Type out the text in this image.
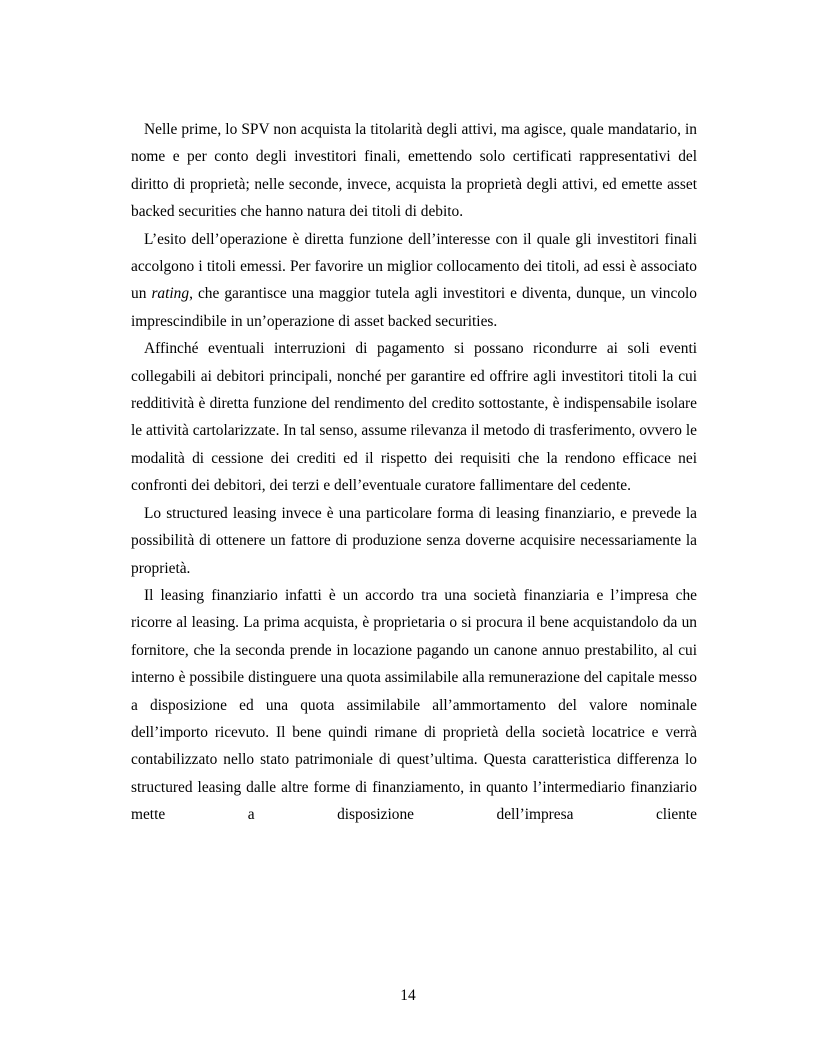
Nelle prime, lo SPV non acquista la titolarità degli attivi, ma agisce, quale mandatario, in nome e per conto degli investitori finali, emettendo solo certificati rappresentativi del diritto di proprietà; nelle seconde, invece, acquista la proprietà degli attivi, ed emette asset backed securities che hanno natura dei titoli di debito.

L’esito dell’operazione è diretta funzione dell’interesse con il quale gli investitori finali accolgono i titoli emessi. Per favorire un miglior collocamento dei titoli, ad essi è associato un rating, che garantisce una maggior tutela agli investitori e diventa, dunque, un vincolo imprescindibile in un’operazione di asset backed securities.

Affinché eventuali interruzioni di pagamento si possano ricondurre ai soli eventi collegabili ai debitori principali, nonché per garantire ed offrire agli investitori titoli la cui redditività è diretta funzione del rendimento del credito sottostante, è indispensabile isolare le attività cartolarizzate. In tal senso, assume rilevanza il metodo di trasferimento, ovvero le modalità di cessione dei crediti ed il rispetto dei requisiti che la rendono efficace nei confronti dei debitori, dei terzi e dell’eventuale curatore fallimentare del cedente.

Lo structured leasing invece è una particolare forma di leasing finanziario, e prevede la possibilità di ottenere un fattore di produzione senza doverne acquisire necessariamente la proprietà.

Il leasing finanziario infatti è un accordo tra una società finanziaria e l’impresa che ricorre al leasing. La prima acquista, è proprietaria o si procura il bene acquistandolo da un fornitore, che la seconda prende in locazione pagando un canone annuo prestabilito, al cui interno è possibile distinguere una quota assimilabile alla remunerazione del capitale messo a disposizione ed una quota assimilabile all’ammortamento del valore nominale dell’importo ricevuto. Il bene quindi rimane di proprietà della società locatrice e verrà contabilizzato nello stato patrimoniale di quest’ultima. Questa caratteristica differenza lo structured leasing dalle altre forme di finanziamento, in quanto l’intermediario finanziario mette a disposizione dell’impresa cliente

14
